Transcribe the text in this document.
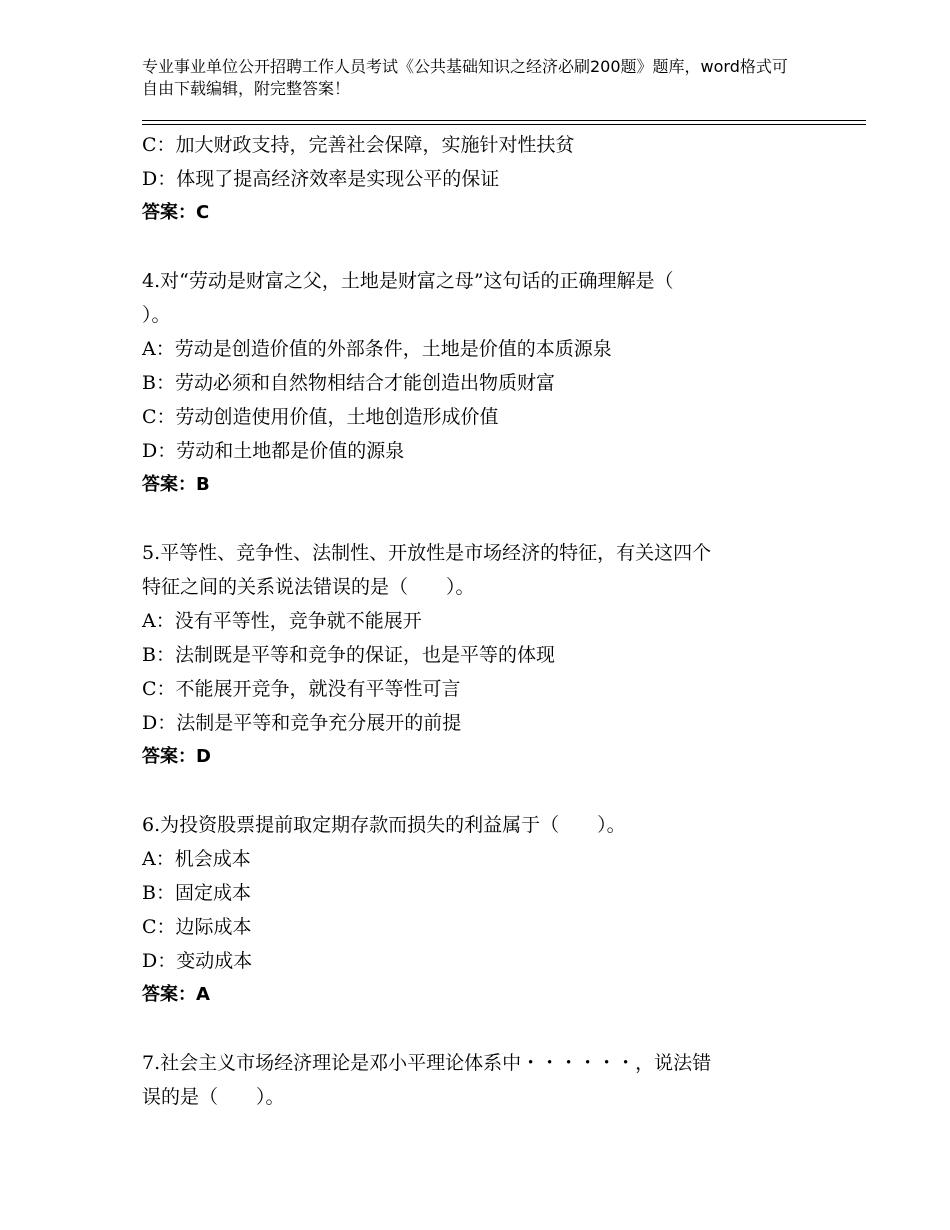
专业事业单位公开招聘工作人员考试《公共基础知识之经济必刷200题》题库，word格式可自由下载编辑，附完整答案！
C：加大财政支持，完善社会保障，实施针对性扶贫
D：体现了提高经济效率是实现公平的保证
答案：C
4.对“劳动是财富之父，土地是财富之母”这句话的正确理解是（
）。
A：劳动是创造价值的外部条件，土地是价值的本质源泉
B：劳动必须和自然物相结合才能创造出物质财富
C：劳动创造使用价值，土地创造形成价值
D：劳动和土地都是价值的源泉
答案：B
5.平等性、竞争性、法制性、开放性是市场经济的特征，有关这四个
特征之间的关系说法错误的是（　　）。
A：没有平等性，竞争就不能展开
B：法制既是平等和竞争的保证，也是平等的体现
C：不能展开竞争，就没有平等性可言
D：法制是平等和竞争充分展开的前提
答案：D
6.为投资股票提前取定期存款而损失的利益属于（　　）。
A：机会成本
B：固定成本
C：边际成本
D：变动成本
答案：A
7.社会主义市场经济理论是邓小平理论体系中・・・・・・，说法错
误的是（　　）。
